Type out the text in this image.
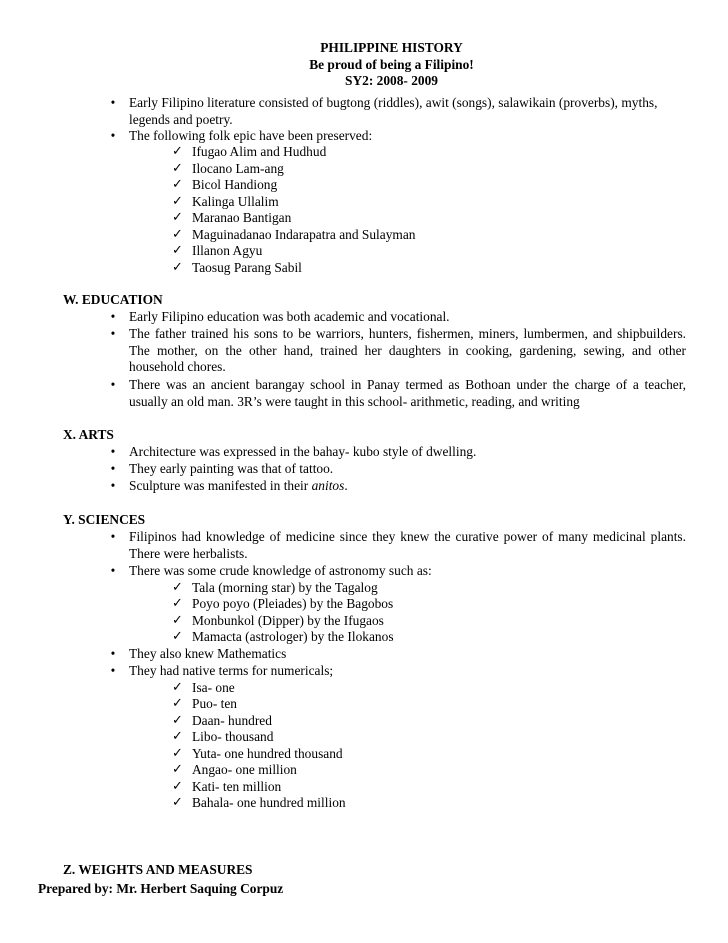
PHILIPPINE HISTORY
Be proud of being a Filipino!
SY2: 2008- 2009
•	Early Filipino literature consisted of bugtong (riddles), awit (songs), salawikain (proverbs), myths, legends and poetry.
•	The following folk epic have been preserved:
✓ Ifugao Alim and Hudhud
✓ Ilocano Lam-ang
✓ Bicol Handiong
✓ Kalinga Ullalim
✓ Maranao Bantigan
✓ Maguinadanao Indarapatra and Sulayman
✓ Illanon Agyu
✓ Taosug Parang Sabil
W. EDUCATION
•	Early Filipino education was both academic and vocational.
•	The father trained his sons to be warriors, hunters, fishermen, miners, lumbermen, and shipbuilders. The mother, on the other hand, trained her daughters in cooking, gardening, sewing, and other household chores.
•	There was an ancient barangay school in Panay termed as Bothoan under the charge of a teacher, usually an old man. 3R’s were taught in this school- arithmetic, reading, and writing
X. ARTS
•	Architecture was expressed in the bahay- kubo style of dwelling.
•	They early painting was that of tattoo.
•	Sculpture was manifested in their anitos.
Y. SCIENCES
•	Filipinos had knowledge of medicine since they knew the curative power of many medicinal plants. There were herbalists.
•	There was some crude knowledge of astronomy such as:
✓ Tala (morning star) by the Tagalog
✓ Poyo poyo (Pleiades) by the Bagobos
✓ Monbunkol (Dipper) by the Ifugaos
✓ Mamacta (astrologer) by the Ilokanos
•	They also knew Mathematics
•	They had native terms for numericals;
✓ Isa- one
✓ Puo- ten
✓ Daan- hundred
✓ Libo- thousand
✓ Yuta- one hundred thousand
✓ Angao- one million
✓ Kati- ten million
✓ Bahala- one hundred million
Z. WEIGHTS AND MEASURES
Prepared by: Mr. Herbert Saquing Corpuz
